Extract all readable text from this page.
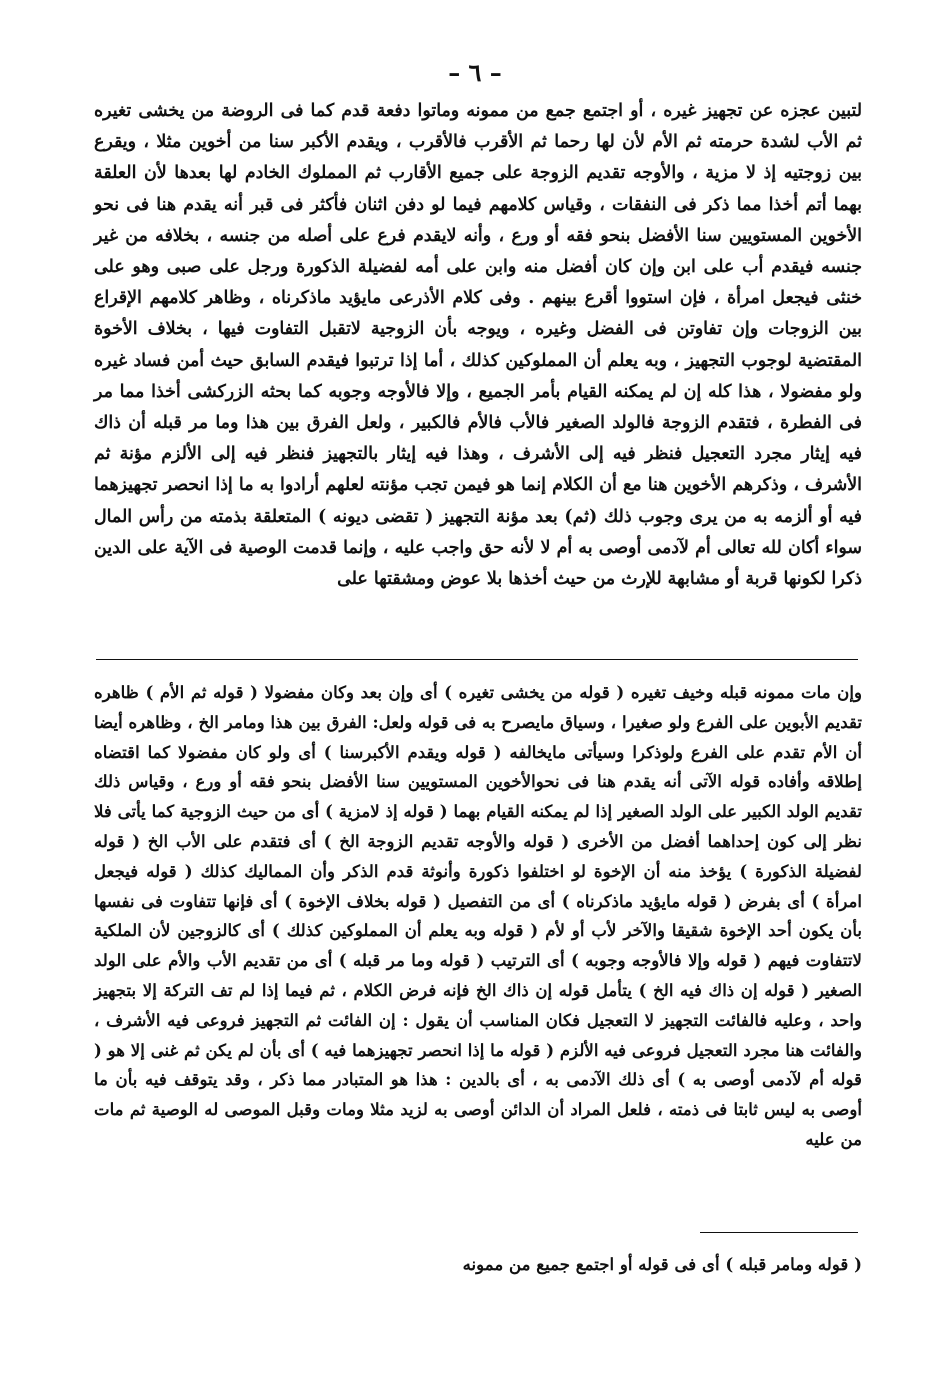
– ٦ –

لتبين عجزه عن تجهيز غيره ، أو اجتمع جمع من ممونه وماتوا دفعة قدم كما فى الروضة من يخشى تغيره ثم الأب لشدة حرمته ثم الأم لأن لها رحما ثم الأقرب فالأقرب ، ويقدم الأكبر سنا من أخوين مثلا ، ويقرع بين زوجتيه إذ لا مزية ، والأوجه تقديم الزوجة على جميع الأقارب ثم المملوك الخادم لها بعدها لأن العلقة بهما أتم أخذا مما ذكر فى النفقات ، وقياس كلامهم فيما لو دفن اثنان فأكثر فى قبر أنه يقدم هنا فى نحو الأخوين المستويين سنا الأفضل بنحو فقه أو ورع ، وأنه لايقدم فرع على أصله من جنسه ، بخلافه من غير جنسه فيقدم أب على ابن وإن كان أفضل منه وابن على أمه لفضيلة الذكورة ورجل على صبى وهو على خنثى فيجعل امرأة ، فإن استووا أقرع بينهم . وفى كلام الأذرعى مايؤيد ماذكرناه ، وظاهر كلامهم الإقراع بين الزوجات وإن تفاوتن فى الفضل وغيره ، ويوجه بأن الزوجية لاتقبل التفاوت فيها ، بخلاف الأخوة المقتضية لوجوب التجهيز ، وبه يعلم أن المملوكين كذلك ، أما إذا ترتبوا فيقدم السابق حيث أمن فساد غيره ولو مفضولا ، هذا كله إن لم يمكنه القيام بأمر الجميع ، وإلا فالأوجه وجوبه كما بحثه الزركشى أخذا مما مر فى الفطرة ، فتقدم الزوجة فالولد الصغير فالأب فالأم فالكبير ، ولعل الفرق بين هذا وما مر قبله أن ذاك فيه إيثار مجرد التعجيل فنظر فيه إلى الأشرف ، وهذا فيه إيثار بالتجهيز فنظر فيه إلى الألزم مؤنة ثم الأشرف ، وذكرهم الأخوين هنا مع أن الكلام إنما هو فيمن تجب مؤنته لعلهم أرادوا به ما إذا انحصر تجهيزهما فيه أو ألزمه به من يرى وجوب ذلك (ثم) بعد مؤنة التجهيز ( تقضى ديونه ) المتعلقة بذمته من رأس المال سواء أكان لله تعالى أم لآدمى أوصى به أم لا لأنه حق واجب عليه ، وإنما قدمت الوصية فى الآية على الدين ذكرا لكونها قربة أو مشابهة للإرث من حيث أخذها بلا عوض ومشقتها على

وإن مات ممونه قبله وخيف تغيره ( قوله من يخشى تغيره ) أى وإن بعد وكان مفضولا ( قوله ثم الأم ) ظاهره تقديم الأبوين على الفرع ولو صغيرا ، وسياق مايصرح به فى قوله ولعل: الفرق بين هذا ومامر الخ ، وظاهره أيضا أن الأم تقدم على الفرع ولوذكرا وسيأتى مايخالفه ( قوله ويقدم الأكبرسنا ) أى ولو كان مفضولا كما اقتضاه إطلاقه وأفاده قوله الآتى أنه يقدم هنا فى نحوالأخوين المستويين سنا الأفضل بنحو فقه أو ورع ، وقياس ذلك تقديم الولد الكبير على الولد الصغير إذا لم يمكنه القيام بهما ( قوله إذ لامزية ) أى من حيث الزوجية كما يأتى فلا نظر إلى كون إحداهما أفضل من الأخرى ( قوله والأوجه تقديم الزوجة الخ ) أى فتقدم على الأب الخ ( قوله لفضيلة الذكورة ) يؤخذ منه أن الإخوة لو اختلفوا ذكورة وأنوثة قدم الذكر وأن المماليك كذلك ( قوله فيجعل امرأة ) أى بفرض ( قوله مايؤيد ماذكرناه ) أى من التفصيل ( قوله بخلاف الإخوة ) أى فإنها تتفاوت فى نفسها بأن يكون أحد الإخوة شقيقا والآخر لأب أو لأم ( قوله وبه يعلم أن المملوكين كذلك ) أى كالزوجين لأن الملكية لاتتفاوت فيهم ( قوله وإلا فالأوجه وجوبه ) أى الترتيب ( قوله وما مر قبله ) أى من تقديم الأب والأم على الولد الصغير ( قوله إن ذاك فيه الخ ) يتأمل قوله إن ذاك الخ فإنه فرض الكلام ، ثم فيما إذا لم تف التركة إلا بتجهيز واحد ، وعليه فالفائت التجهيز لا التعجيل فكان المناسب أن يقول : إن الفائت ثم التجهيز فروعى فيه الأشرف ، والفائت هنا مجرد التعجيل فروعى فيه الألزم ( قوله ما إذا انحصر تجهيزهما فيه ) أى بأن لم يكن ثم غنى إلا هو ( قوله أم لآدمى أوصى به ) أى ذلك الآدمى به ، أى بالدين : هذا هو المتبادر مما ذكر ، وقد يتوقف فيه بأن ما أوصى به ليس ثابتا فى ذمته ، فلعل المراد أن الدائن أوصى به لزيد مثلا ومات وقبل الموصى له الوصية ثم مات من عليه

( قوله ومامر قبله ) أى فى قوله أو اجتمع جميع من ممونه
